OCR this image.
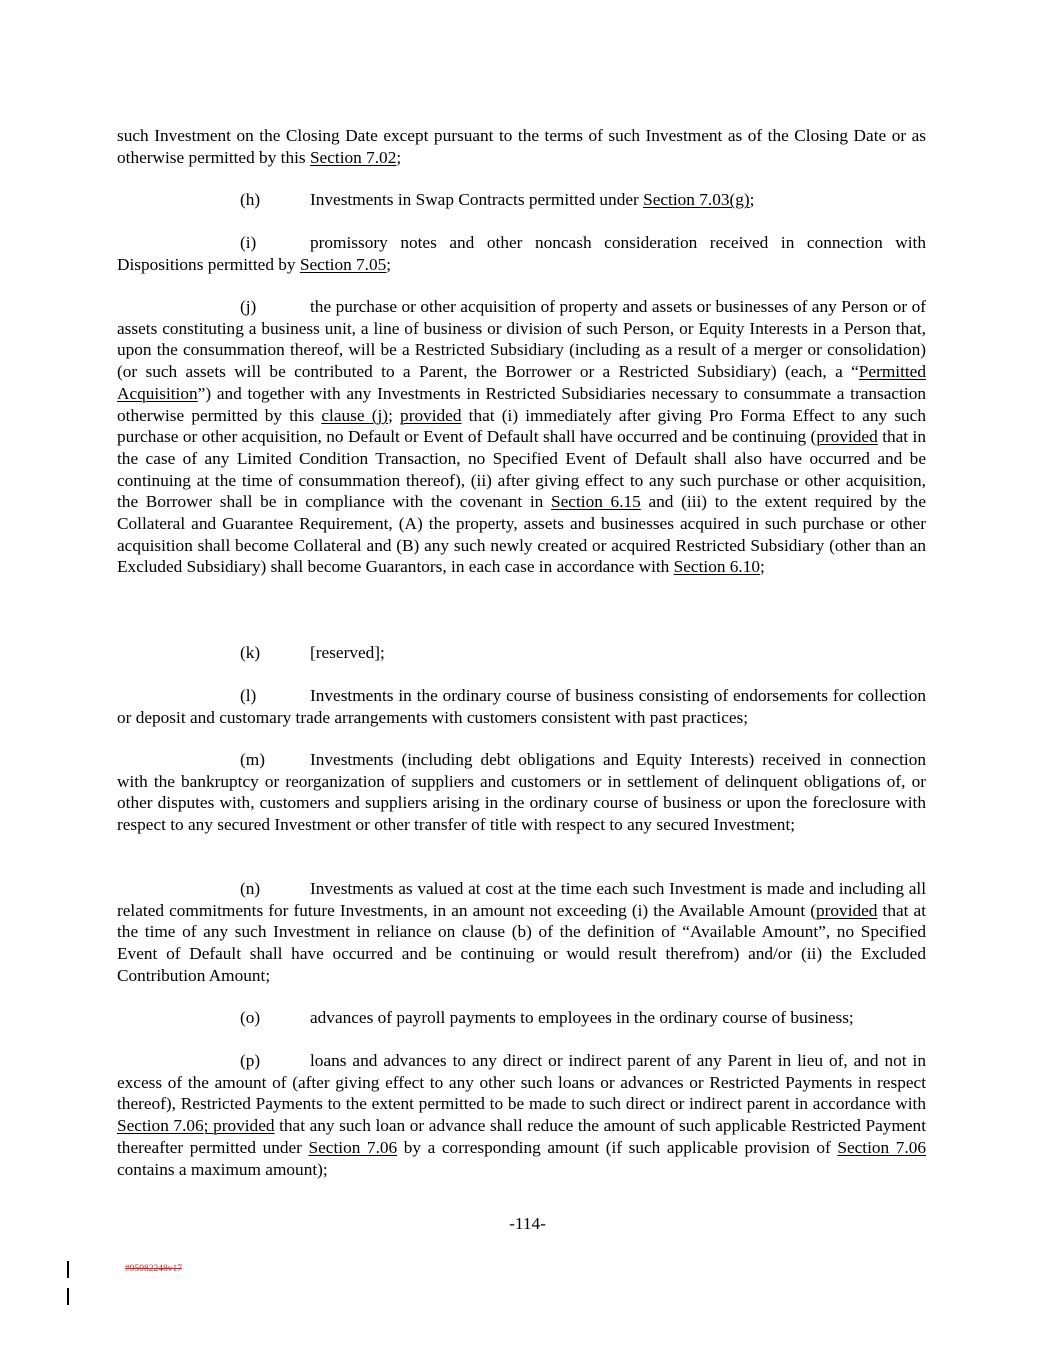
such Investment on the Closing Date except pursuant to the terms of such Investment as of the Closing Date or as otherwise permitted by this Section 7.02;

(h)	Investments in Swap Contracts permitted under Section 7.03(g);

(i)	promissory notes and other noncash consideration received in connection with Dispositions permitted by Section 7.05;

(j)	the purchase or other acquisition of property and assets or businesses of any Person or of assets constituting a business unit, a line of business or division of such Person, or Equity Interests in a Person that, upon the consummation thereof, will be a Restricted Subsidiary (including as a result of a merger or consolidation) (or such assets will be contributed to a Parent, the Borrower or a Restricted Subsidiary) (each, a “Permitted Acquisition”) and together with any Investments in Restricted Subsidiaries necessary to consummate a transaction otherwise permitted by this clause (j); provided that (i) immediately after giving Pro Forma Effect to any such purchase or other acquisition, no Default or Event of Default shall have occurred and be continuing (provided that in the case of any Limited Condition Transaction, no Specified Event of Default shall also have occurred and be continuing at the time of consummation thereof), (ii) after giving effect to any such purchase or other acquisition, the Borrower shall be in compliance with the covenant in Section 6.15 and (iii) to the extent required by the Collateral and Guarantee Requirement, (A) the property, assets and businesses acquired in such purchase or other acquisition shall become Collateral and (B) any such newly created or acquired Restricted Subsidiary (other than an Excluded Subsidiary) shall become Guarantors, in each case in accordance with Section 6.10;

(k)	[reserved];

(l)	Investments in the ordinary course of business consisting of endorsements for collection or deposit and customary trade arrangements with customers consistent with past practices;

(m)	Investments (including debt obligations and Equity Interests) received in connection with the bankruptcy or reorganization of suppliers and customers or in settlement of delinquent obligations of, or other disputes with, customers and suppliers arising in the ordinary course of business or upon the foreclosure with respect to any secured Investment or other transfer of title with respect to any secured Investment;

(n)	Investments as valued at cost at the time each such Investment is made and including all related commitments for future Investments, in an amount not exceeding (i) the Available Amount (provided that at the time of any such Investment in reliance on clause (b) of the definition of “Available Amount”, no Specified Event of Default shall have occurred and be continuing or would result therefrom) and/or (ii) the Excluded Contribution Amount;

(o)	advances of payroll payments to employees in the ordinary course of business;

(p)	loans and advances to any direct or indirect parent of any Parent in lieu of, and not in excess of the amount of (after giving effect to any other such loans or advances or Restricted Payments in respect thereof), Restricted Payments to the extent permitted to be made to such direct or indirect parent in accordance with Section 7.06; provided that any such loan or advance shall reduce the amount of such applicable Restricted Payment thereafter permitted under Section 7.06 by a corresponding amount (if such applicable provision of Section 7.06 contains a maximum amount);

-114-
#95982248v17
